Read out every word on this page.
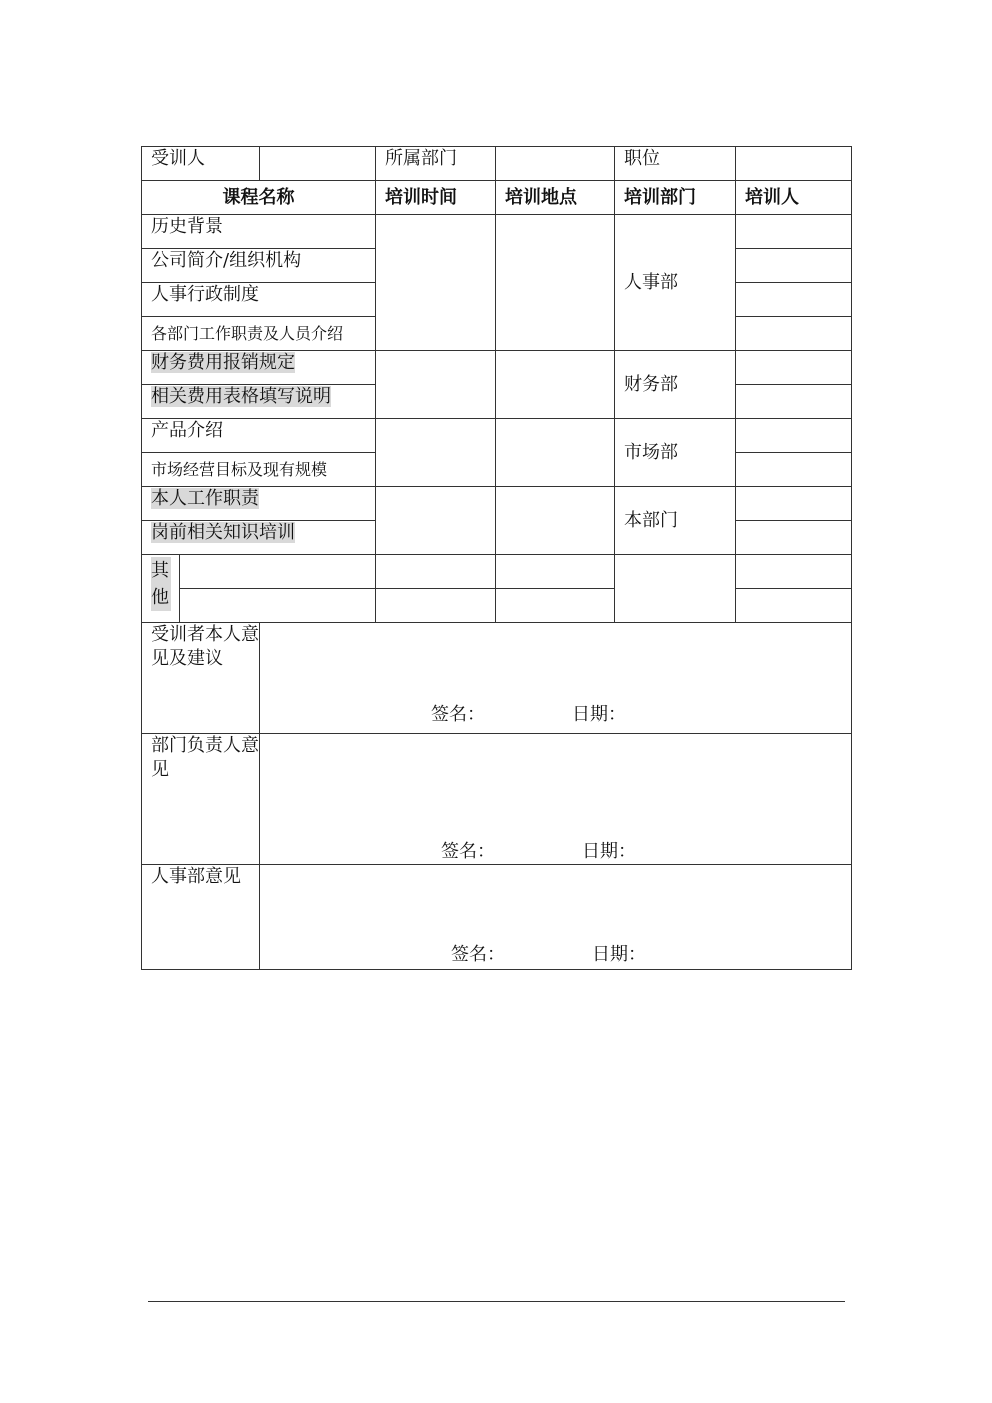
受训人			所属部门		职位	
课程名称			培训时间	培训地点	培训部门	培训人
历史背景					人事部	
公司简介/组织机构						
人事行政制度						
各部门工作职责及人员介绍						
财务费用报销规定					财务部	
相关费用表格填写说明						
产品介绍					市场部	
市场经营目标及现有规模						
本人工作职责					本部门	
岗前相关知识培训						

其他						

受训者本人意见及建议		签名： 日期：				

部门负责人意见		签名： 日期：				

人事部意见		签名： 日期：				
